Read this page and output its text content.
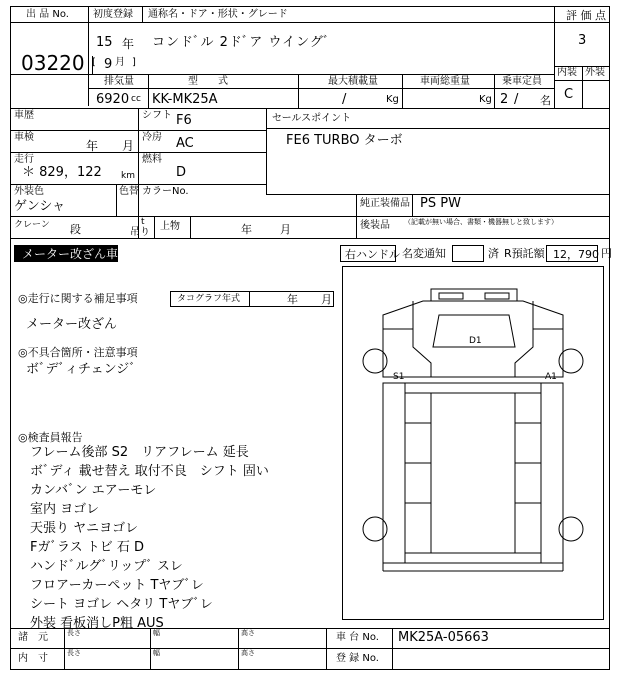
出 品 No.
03220
初度登録 通称名・ドア・形状・グレード
15 年
[ 9 月 ]
コンドﾞル 2ドﾞア ウイングﾞ
評 価 点
3
内装 外装
C
排気量	型　　式	最大積載量	車両総重量	乗車定員
6920 cc KK-MK25A	/	Kg	Kg 2 / 名
車歴	シフト F6
車検
年 月
冷房 AC
走行
＊ 829，122 km
燃料
D
外装色	色替 カラーNo.
ゲンシャ
セールスポイント
FE6 TURBO ターボ
純正装備品 PS PW
後装品 （記載が無い場合、書類・機器無しと致します）
クレーン 段
t
吊り
上物	年	月
メーター改ざん車	右ハンドル 名変通知	済 R預託額 12，790 円
◎走行に関する補足事項	タコグラフ年式	年 月
メーター改ざん
◎不具合箇所・注意事項
ボﾞデﾞィチェンジﾞ
◎検査員報告
フレーム後部 S2　リアフレーム 延長
ボﾞディ 載せ替え 取付不良　シフト 固い
カンバﾞン エアーモレ
室内 ヨゴレ
天張り ヤニヨゴレ
Fガﾞラス トビ 石 D
ハンドﾞルグﾞリップﾞ スレ
フロアーカーペット Tヤブﾞレ
シート ヨゴレ ヘタリ Tヤブﾞレ
外装 看板消しP粗 AUS
D1
S1	A1
諸　元
内　寸
長さ	幅	高さ
長さ	幅	高さ
車 台 No. MK25A-05663
登 録 No.
